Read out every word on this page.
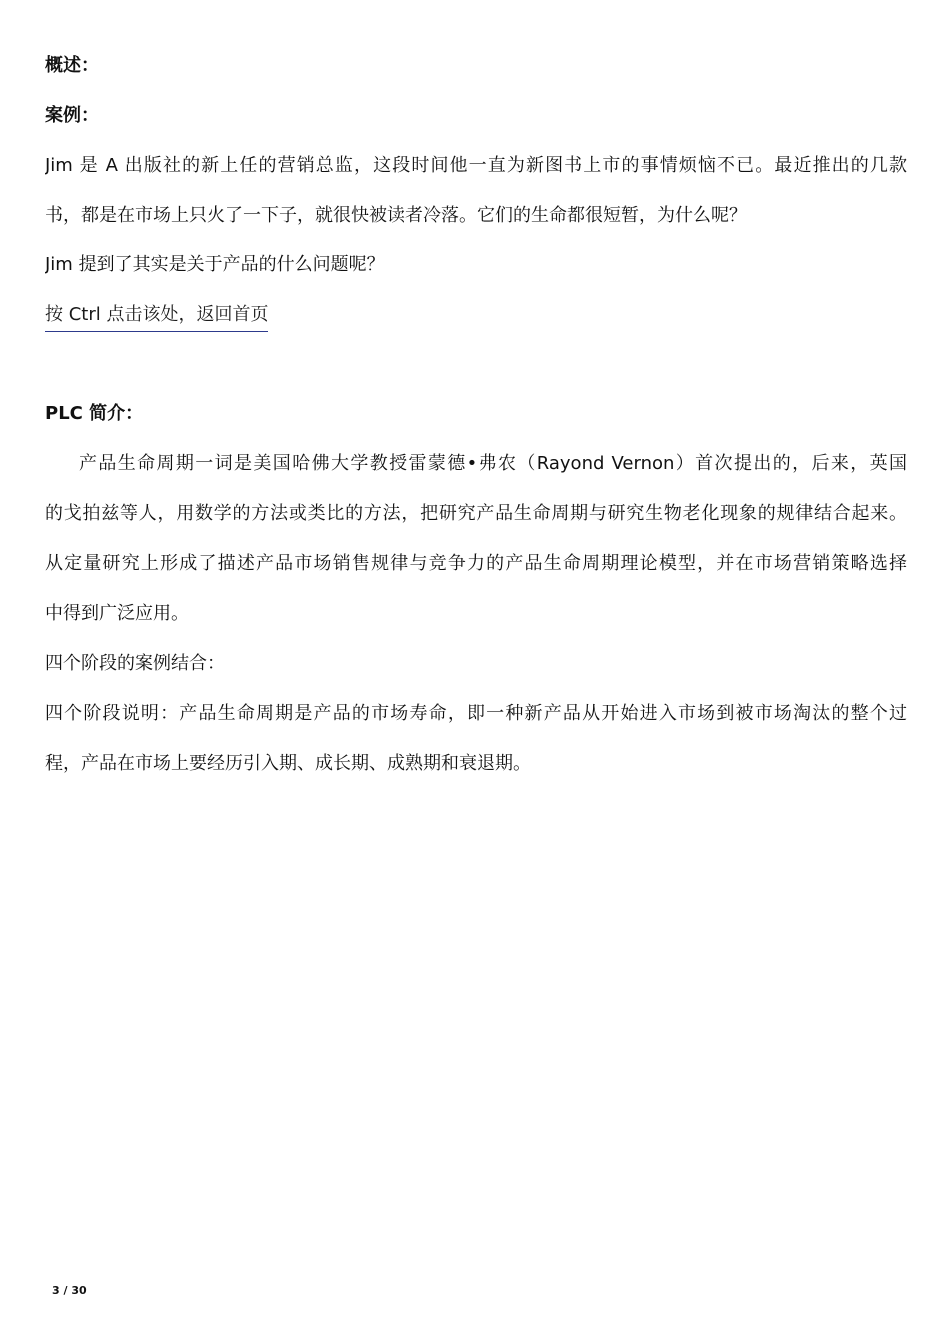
概述：
案例：
Jim 是 A 出版社的新上任的营销总监，这段时间他一直为新图书上市的事情烦恼不已。最近推出的几款
书，都是在市场上只火了一下子，就很快被读者冷落。它们的生命都很短暂，为什么呢？
Jim 提到了其实是关于产品的什么问题呢？
按 Ctrl 点击该处，返回首页
PLC 简介：
产品生命周期一词是美国哈佛大学教授雷蒙德•弗农（Rayond Vernon）首次提出的，后来，英国
的戈拍兹等人，用数学的方法或类比的方法，把研究产品生命周期与研究生物老化现象的规律结合起来。
从定量研究上形成了描述产品市场销售规律与竞争力的产品生命周期理论模型，并在市场营销策略选择
中得到广泛应用。
四个阶段的案例结合：
四个阶段说明：产品生命周期是产品的市场寿命，即一种新产品从开始进入市场到被市场淘汰的整个过
程，产品在市场上要经历引入期、成长期、成熟期和衰退期。
3 / 30
